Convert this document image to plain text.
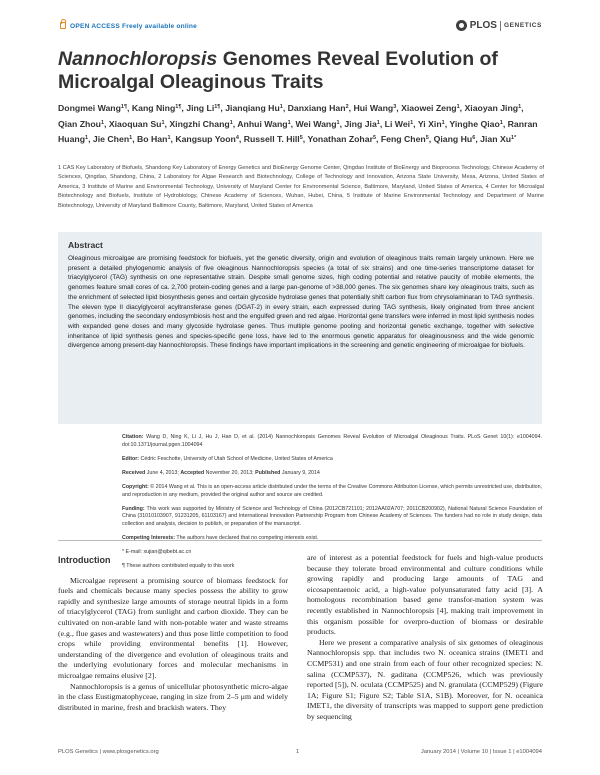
OPEN ACCESS Freely available online	PLOS GENETICS
Nannochloropsis Genomes Reveal Evolution of
Microalgal Oleaginous Traits
Dongmei Wang$^{1\P}$, Kang Ning$^{1\P}$, Jing $Li^{1\P}$, Jianqiang Hu$^1$, Danxiang Han$^2$, Hui Wang$^3$, Xiaowei Zeng$^1$, Xiaoyan Jing$^1$, Qian Zhou$^1$, Xiaoquan Su$^1$, Xingzhi Chang$^1$, Anhui Wang$^1$, Wei Wang$^1$, Jing Jia$^1$, Li Wei$^1$, Yi Xin$^1$, Yinghe Qiao$^1$, Ranran Huang$^1$, Jie Chen$^1$, Bo Han$^1$, Kangsup Yoon$^4$, Russell T. Hill$^5$, Yonathan Zohar$^5$, Feng Chen$^5$, Qiang Hu$^6$, Jian $Xu^{1*}$
1 CAS Key Laboratory of Biofuels, Shandong Key Laboratory of Energy Genetics and BioEnergy Genome Center, Qingdao Institute of BioEnergy and Bioprocess Technology, Chinese Academy of Sciences, Qingdao, Shandong, China, 2 Laboratory for Algae Research and Biotechnology, College of Technology and Innovation, Arizona State University, Mesa, Arizona, United States of America, 3 Institute of Marine and Environmental Technology, University of Maryland Center for Environmental Science, Baltimore, Maryland, United States of America, 4 Center for Microalgal Biotechnology and Biofuels, Institute of Hydrobiology, Chinese Academy of Sciences, Wuhan, Hubei, China, 5 Institute of Marine Environmental Technology and Department of Marine Biotechnology, University of Maryland Baltimore County, Baltimore, Maryland, United States of America
Abstract

Oleaginous microalgae are promising feedstock for biofuels, yet the genetic diversity, origin and evolution of oleaginous traits remain largely unknown. Here we present a detailed phylogenomic analysis of five oleaginous Nannochloropsis species (a total of six strains) and one time-series transcriptome dataset for triacylglycerol (TAG) synthesis on one representative strain. Despite small genome sizes, high coding potential and relative paucity of mobile elements, the genomes feature small cores of ca. 2,700 protein-coding genes and a large pan-genome of >38,000 genes. The six genomes share key oleaginous traits, such as the enrichment of selected lipid biosynthesis genes and certain glycoside hydrolase genes that potentially shift carbon flux from chrysolaminaran to TAG synthesis. The eleven type II diacylglycerol acyltransferase genes (DGAT-2) in every strain, each expressed during TAG synthesis, likely originated from three ancient genomes, including the secondary endosymbiosis host and the engulfed green and red algae. Horizontal gene transfers were inferred in most lipid synthesis nodes with expanded gene doses and many glycoside hydrolase genes. Thus multiple genome pooling and horizontal genetic exchange, together with selective inheritance of lipid synthesis genes and species-specific gene loss, have led to the enormous genetic apparatus for oleaginousness and the wide genomic divergence among present-day Nannochloropsis. These findings have important implications in the screening and genetic engineering of microalgae for biofuels.

Citation: Wang D, Ning K, Li J, Hu J, Han D, et al. (2014) Nannochloropsis Genomes Reveal Evolution of Microalgal Oleaginous Traits. PLoS Genet 10(1): e1004094. doi:10.1371/journal.pgen.1004094
Editor: Cédric Feschotte, University of Utah School of Medicine, United States of America
Received June 4, 2013; Accepted November 20, 2013; Published January 9, 2014
Copyright: © 2014 Wang et al. This is an open-access article distributed under the terms of the Creative Commons Attribution License, which permits unrestricted use, distribution, and reproduction in any medium, provided the original author and source are credited.
Funding: This work was supported by Ministry of Science and Technology of China (2012CB721101; 2012AA02A707; 2011CB200902), National Natural Science Foundation of China (31010103907, 91231205, 61103167) and International Innovation Partnership Program from Chinese Academy of Sciences. The funders had no role in study design, data collection and analysis, decision to publish, or preparation of the manuscript.
Competing Interests: The authors have declared that no competing interests exist.
* E-mail: xujian@qibebt.ac.cn
¶ These authors contributed equally to this work
Introduction

Microalgae represent a promising source of biomass feedstock for fuels and chemicals because many species possess the ability to grow rapidly and synthesize large amounts of storage neutral lipids in a form of triacylglycerol (TAG) from sunlight and carbon dioxide. They can be cultivated on non-arable land with non-potable water and waste streams (e.g., flue gases and wastewaters) and thus pose little competition to food crops while providing environmental benefits [1]. However, understanding of the divergence and evolution of oleaginous traits and the underlying evolutionary forces and molecular mechanisms in microalgae remains elusive [2].

Nannochloropsis is a genus of unicellular photosynthetic micro-algae in the class Eustigmatophyceae, ranging in size from 2–5 μm and widely distributed in marine, fresh and brackish waters. They

are of interest as a potential feedstock for fuels and high-value products because they tolerate broad environmental and culture conditions while growing rapidly and producing large amounts of TAG and eicosapentaenoic acid, a high-value polyunsaturated fatty acid [3]. A homologous recombination based gene transfor-mation system was recently established in Nannochloropsis [4], making trait improvement in this organism possible for overpro-duction of biomass or desirable products.

Here we present a comparative analysis of six genomes of oleaginous Nannochloropsis spp. that includes two N. oceanica strains (IMET1 and CCMP531) and one strain from each of four other recognized species: N. salina (CCMP537), N. gaditana (CCMP526, which was previously reported [5]), N. oculata (CCMP525) and N. granulata (CCMP529) (Figure 1A; Figure S1; Figure S2; Table S1A, S1B). Moreover, for N. oceanica IMET1, the diversity of transcripts was mapped to support gene prediction by sequencing

PLOS Genetics | www.plosgenetics.org	1	January 2014 | Volume 10 | Issue 1 | e1004094
